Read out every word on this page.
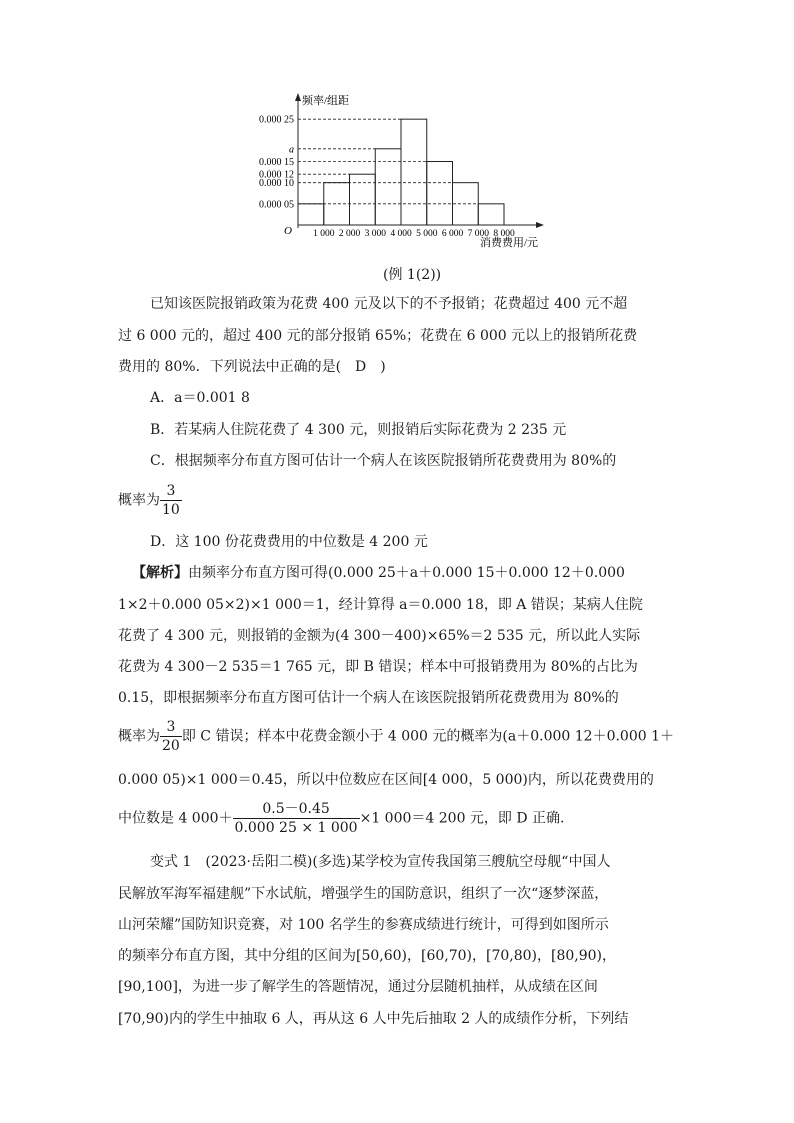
0.000 25
a
0.000 15
0.000 12
0.000 10
0.000 05
1 000 2 000 3 000 4 000 5 000 6 000 7 000 8 000
频率/组距
消费费用/元
O
(例 1(2))
已知该医院报销政策为花费 400 元及以下的不予报销；花费超过 400 元不超
过 6 000 元的，超过 400 元的部分报销 65%；花费在 6 000 元以上的报销所花费
费用的 80%．下列说法中正确的是(　D　)
A．a＝0.001 8
B．若某病人住院花费了 4 300 元，则报销后实际花费为 2 235 元
C．根据频率分布直方图可估计一个病人在该医院报销所花费费用为 80%的
概率为 $\frac{3}{10}$
D．这 100 份花费费用的中位数是 4 200 元
【解析】由频率分布直方图可得(0.000 25＋a＋0.000 15＋0.000 12＋0.000
1×2＋0.000 05×2)×1 000＝1，经计算得 a＝0.000 18，即 A 错误；某病人住院
花费了 4 300 元，则报销的金额为(4 300－400)×65%＝2 535 元，所以此人实际
花费为 4 300－2 535＝1 765 元，即 B 错误；样本中可报销费用为 80%的占比为
0.15，即根据频率分布直方图可估计一个病人在该医院报销所花费费用为 80%的
概率为 $\frac{3}{20}$ 即 C 错误；样本中花费金额小于 4 000 元的概率为(a＋0.000 12＋0.000 1＋
0.000 05)×1 000＝0.45，所以中位数应在区间[4 000，5 000)内，所以花费费用的
中位数是 4 $000+ \frac{0.5-0.45}{0.000 25 \times 1 000} \times 1$ 000＝4 200 元，即 D 正确.
变式 1　(2023·岳阳二模)(多选)某学校为宣传我国第三艘航空母舰“中国人
民解放军海军福建舰”下水试航，增强学生的国防意识，组织了一次“逐梦深蓝，
山河荣耀”国防知识竞赛，对 100 名学生的参赛成绩进行统计，可得到如图所示
的频率分布直方图，其中分组的区间为[50,60)，[60,70)，[70,80)，[80,90)，
[90,100]，为进一步了解学生的答题情况，通过分层随机抽样，从成绩在区间
[70,90)内的学生中抽取 6 人，再从这 6 人中先后抽取 2 人的成绩作分析，下列结
